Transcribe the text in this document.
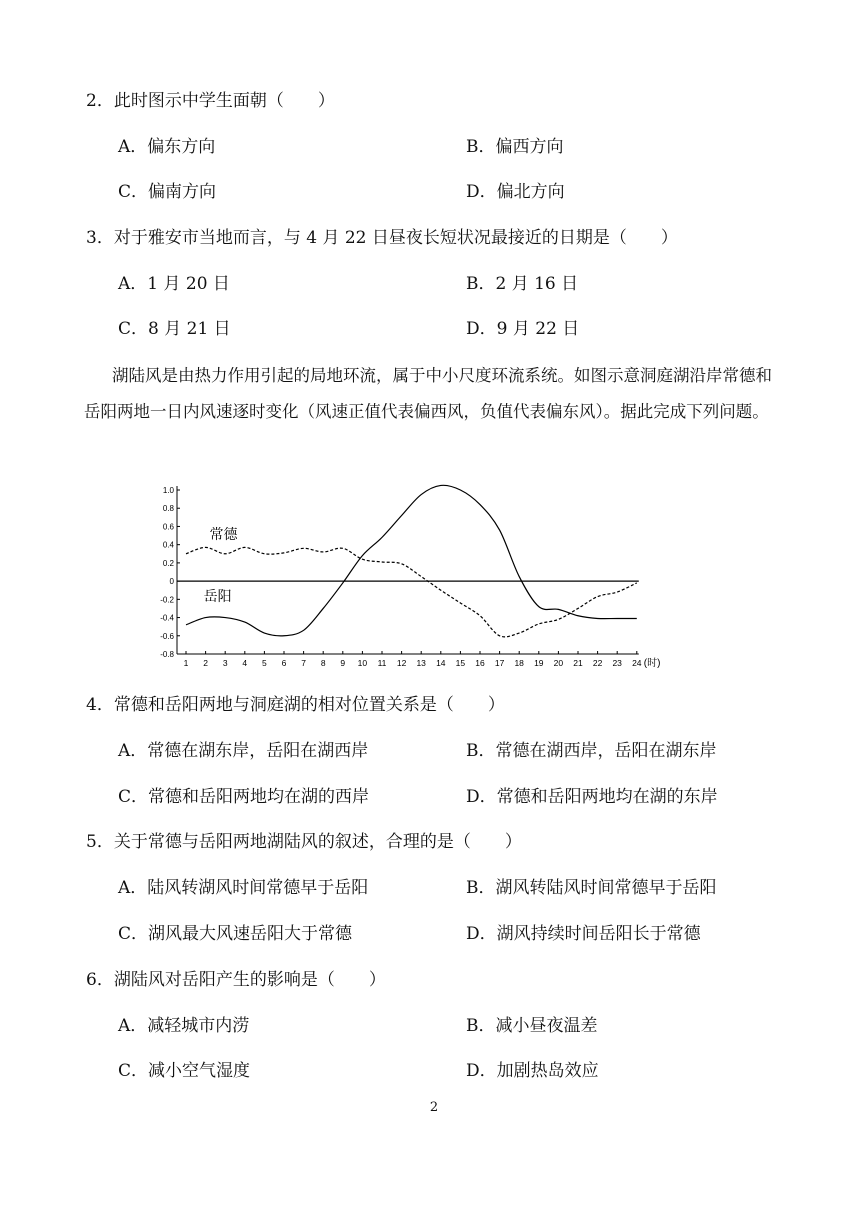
2．此时图示中学生面朝（　　）
A．偏东方向	B．偏西方向
C．偏南方向	D．偏北方向
3．对于雅安市当地而言，与 4 月 22 日昼夜长短状况最接近的日期是（　　）
A．1 月 20 日	B．2 月 16 日
C．8 月 21 日	D．9 月 22 日
湖陆风是由热力作用引起的局地环流，属于中小尺度环流系统。如图示意洞庭湖沿岸常德和岳阳两地一日内风速逐时变化（风速正值代表偏西风，负值代表偏东风）。据此完成下列问题。
1.0
0.8
0.6
0.4
0.2
0
-0.2
-0.4
-0.6
-0.8
1 2 3 4 5 6 7 8 9 10 11 12 13 14 15 16 17 18 19 20 21 22 23 24 (时)
常德
岳阳
4．常德和岳阳两地与洞庭湖的相对位置关系是（　　）
A．常德在湖东岸，岳阳在湖西岸	B．常德在湖西岸，岳阳在湖东岸
C．常德和岳阳两地均在湖的西岸	D．常德和岳阳两地均在湖的东岸
5．关于常德与岳阳两地湖陆风的叙述，合理的是（　　）
A．陆风转湖风时间常德早于岳阳	B．湖风转陆风时间常德早于岳阳
C．湖风最大风速岳阳大于常德	D．湖风持续时间岳阳长于常德
6．湖陆风对岳阳产生的影响是（　　）
A．减轻城市内涝	B．减小昼夜温差
C．减小空气湿度	D．加剧热岛效应
2
